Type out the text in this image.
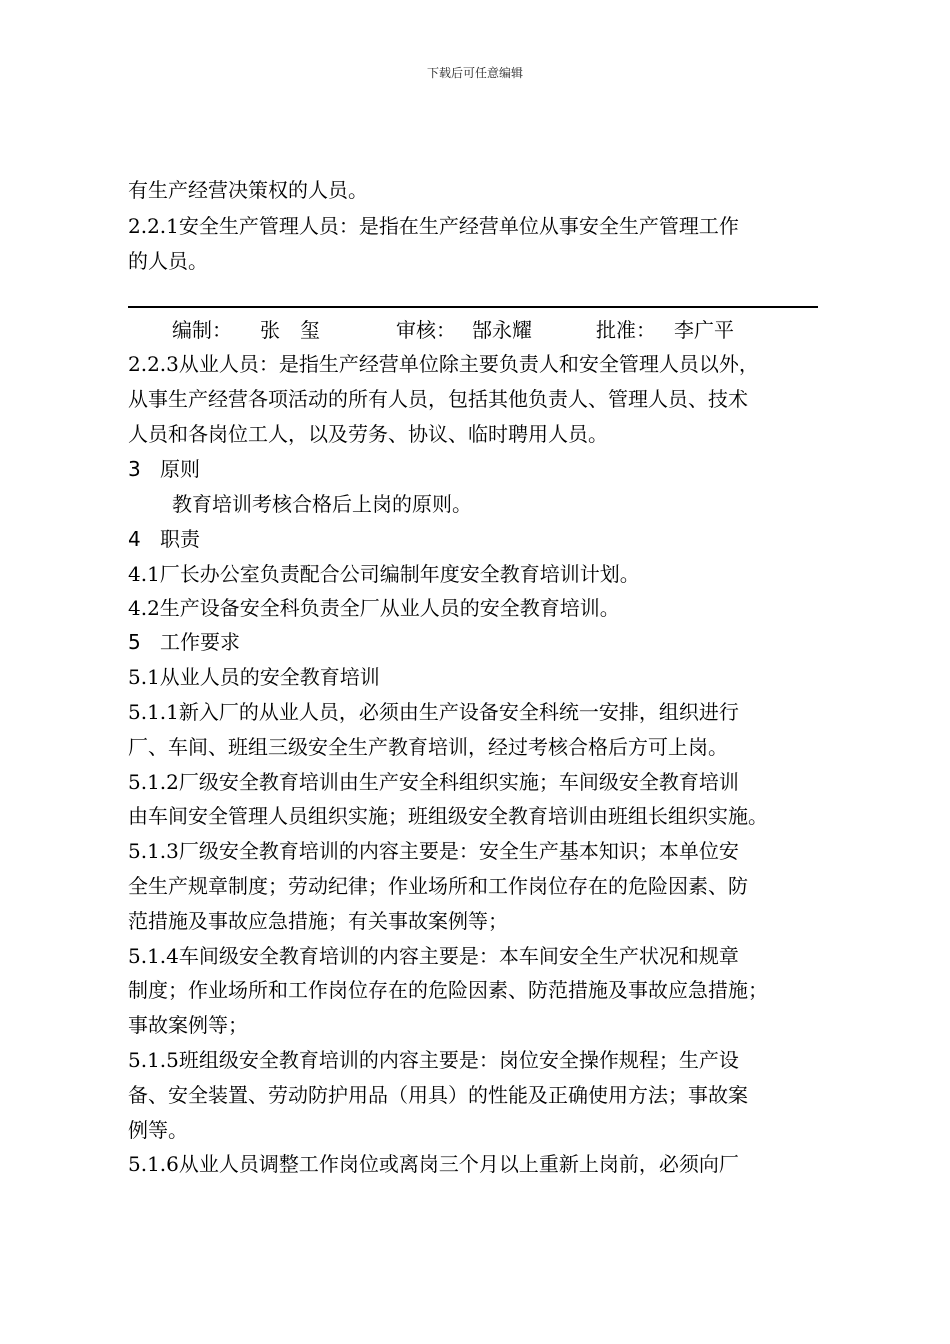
下载后可任意编辑
有生产经营决策权的人员。
2.2.1安全生产管理人员：是指在生产经营单位从事安全生产管理工作
的人员。
编制： 张　玺	审核： 郜永耀	批准： 李广平
2.2.3从业人员：是指生产经营单位除主要负责人和安全管理人员以外，
从事生产经营各项活动的所有人员，包括其他负责人、管理人员、技术
人员和各岗位工人，以及劳务、协议、临时聘用人员。
3 原则
教育培训考核合格后上岗的原则。
4 职责
4.1厂长办公室负责配合公司编制年度安全教育培训计划。
4.2生产设备安全科负责全厂从业人员的安全教育培训。
5 工作要求
5.1从业人员的安全教育培训
5.1.1新入厂的从业人员，必须由生产设备安全科统一安排，组织进行
厂、车间、班组三级安全生产教育培训，经过考核合格后方可上岗。
5.1.2厂级安全教育培训由生产安全科组织实施；车间级安全教育培训
由车间安全管理人员组织实施；班组级安全教育培训由班组长组织实施。
5.1.3厂级安全教育培训的内容主要是：安全生产基本知识；本单位安
全生产规章制度；劳动纪律；作业场所和工作岗位存在的危险因素、防
范措施及事故应急措施；有关事故案例等；
5.1.4车间级安全教育培训的内容主要是：本车间安全生产状况和规章
制度；作业场所和工作岗位存在的危险因素、防范措施及事故应急措施；
事故案例等；
5.1.5班组级安全教育培训的内容主要是：岗位安全操作规程；生产设
备、安全装置、劳动防护用品（用具）的性能及正确使用方法；事故案
例等。
5.1.6从业人员调整工作岗位或离岗三个月以上重新上岗前，必须向厂
